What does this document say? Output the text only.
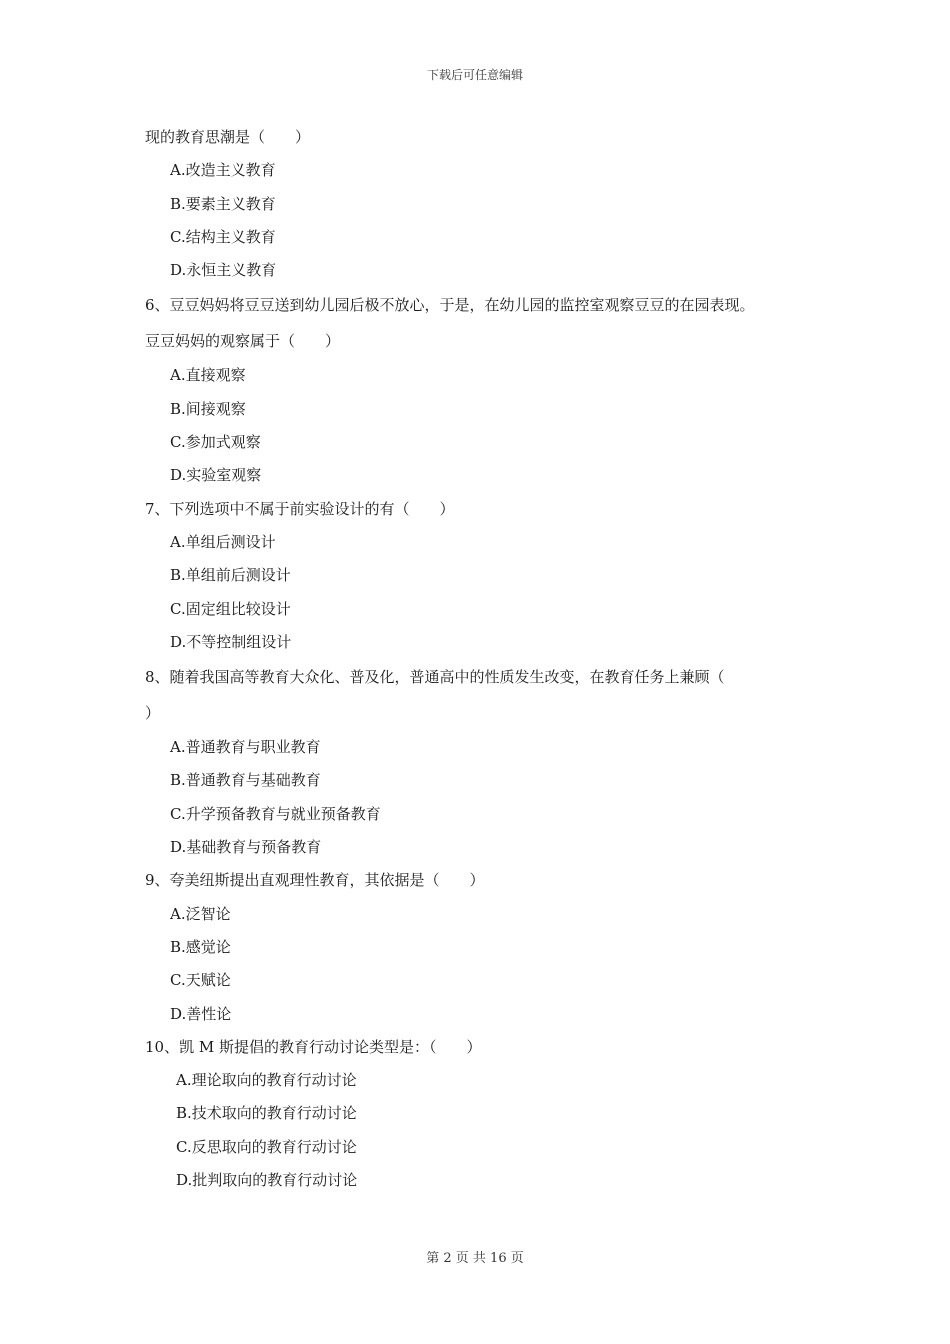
下载后可任意编辑
现的教育思潮是（　　）
A.改造主义教育
B.要素主义教育
C.结构主义教育
D.永恒主义教育
6、豆豆妈妈将豆豆送到幼儿园后极不放心，于是，在幼儿园的监控室观察豆豆的在园表现。
豆豆妈妈的观察属于（　　）
A.直接观察
B.间接观察
C.参加式观察
D.实验室观察
7、下列选项中不属于前实验设计的有（　　）
A.单组后测设计
B.单组前后测设计
C.固定组比较设计
D.不等控制组设计
8、随着我国高等教育大众化、普及化，普通高中的性质发生改变，在教育任务上兼顾（
）
A.普通教育与职业教育
B.普通教育与基础教育
C.升学预备教育与就业预备教育
D.基础教育与预备教育
9、夸美纽斯提出直观理性教育，其依据是（　　）
A.泛智论
B.感觉论
C.天赋论
D.善性论
10、凯 M 斯提倡的教育行动讨论类型是：（　　）
A.理论取向的教育行动讨论
B.技术取向的教育行动讨论
C.反思取向的教育行动讨论
D.批判取向的教育行动讨论
第 2 页 共 16 页
